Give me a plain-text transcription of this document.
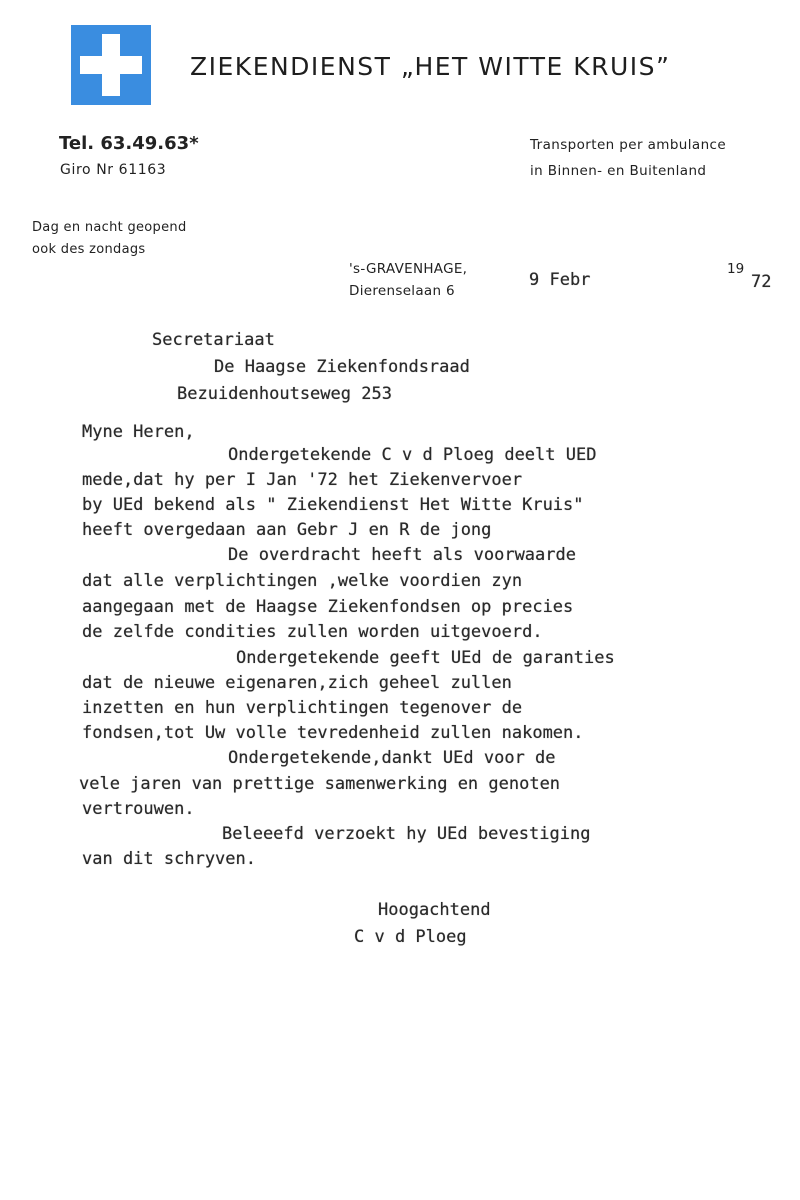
ZIEKENDIENST „HET WITTE KRUIS”
Tel. 63.49.63*
Giro Nr 61163
Transporten per ambulance
in Binnen- en Buitenland
Dag en nacht geopend
ook des zondags
's-GRAVENHAGE,
Dierenselaan 6
19
9 Febr	72
Secretariaat
De Haagse Ziekenfondsraad
Bezuidenhoutseweg 253
Myne Heren,
Ondergetekende C v d Ploeg deelt UED
mede,dat hy per I Jan '72 het Ziekenvervoer
by UEd bekend als " Ziekendienst Het Witte Kruis"
heeft overgedaan aan Gebr J en R de jong
De overdracht heeft als voorwaarde
dat alle verplichtingen ,welke voordien zyn
aangegaan met de Haagse Ziekenfondsen op precies
de zelfde condities zullen worden uitgevoerd.
Ondergetekende geeft UEd de garanties
dat de nieuwe eigenaren,zich geheel zullen
inzetten en hun verplichtingen tegenover de
fondsen,tot Uw volle tevredenheid zullen nakomen.
Ondergetekende,dankt UEd voor de
vele jaren van prettige samenwerking en genoten
vertrouwen.
Beleeefd verzoekt hy UEd bevestiging
van dit schryven.
Hoogachtend
C v d Ploeg
